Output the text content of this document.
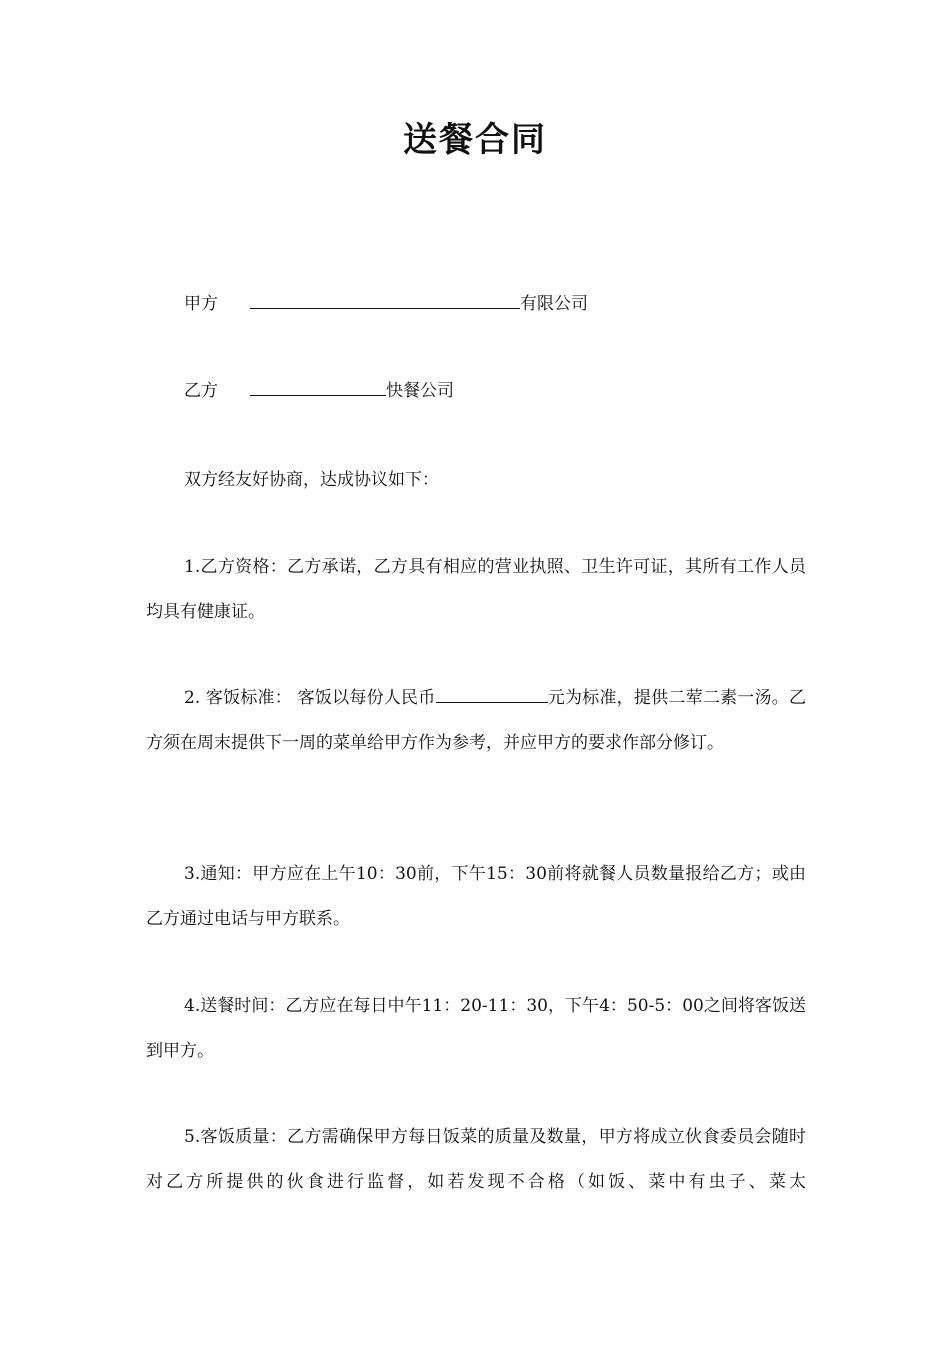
送餐合同
甲方	有限公司
乙方	快餐公司

双方经友好协商，达成协议如下：

1.乙方资格：乙方承诺，乙方具有相应的营业执照、卫生许可证，其所有工作人员均具有健康证。

2. 客饭标准： 客饭以每份人民币	元为标准，提供二荤二素一汤。乙方须在周末提供下一周的菜单给甲方作为参考，并应甲方的要求作部分修订。

3.通知：甲方应在上午10：30前，下午15：30前将就餐人员数量报给乙方；或由乙方通过电话与甲方联系。

4.送餐时间：乙方应在每日中午11：20-11：30，下午4：50-5：00之间将客饭送到甲方。

5.客饭质量：乙方需确保甲方每日饭菜的质量及数量，甲方将成立伙食委员会随时对乙方所提供的伙食进行监督，如若发现不合格（如饭、菜中有虫子、菜太
